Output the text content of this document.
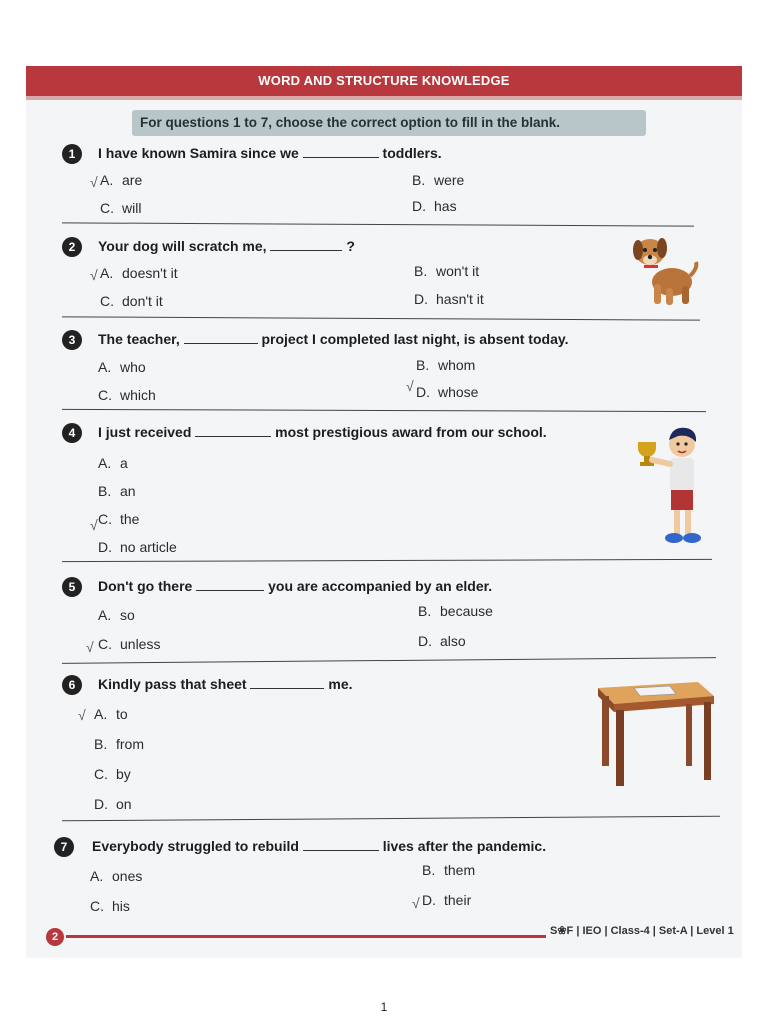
WORD AND STRUCTURE KNOWLEDGE
For questions 1 to 7, choose the correct option to fill in the blank.
1	I have known Samira since we	toddlers.
A. are	B. were
C. will	D. has
√
2	Your dog will scratch me,	?
A. doesn't it	B. won't it
C. don't it	D. hasn't it
√
3	The teacher,	project I completed last night, is absent today.
A. who	B. whom
C. which	D. whose
√
4	I just received	most prestigious award from our school.
A. a
B. an
C. the
D. no article
√
5	Don't go there	you are accompanied by an elder.
A. so	B. because
C. unless	D. also
√
6	Kindly pass that sheet	me.
A. to
B. from
C. by
D. on
√
7	Everybody struggled to rebuild	lives after the pandemic.
A. ones	B. them
C. his	D. their
√
2	S❀F | IEO | Class-4 | Set-A | Level 1
1
